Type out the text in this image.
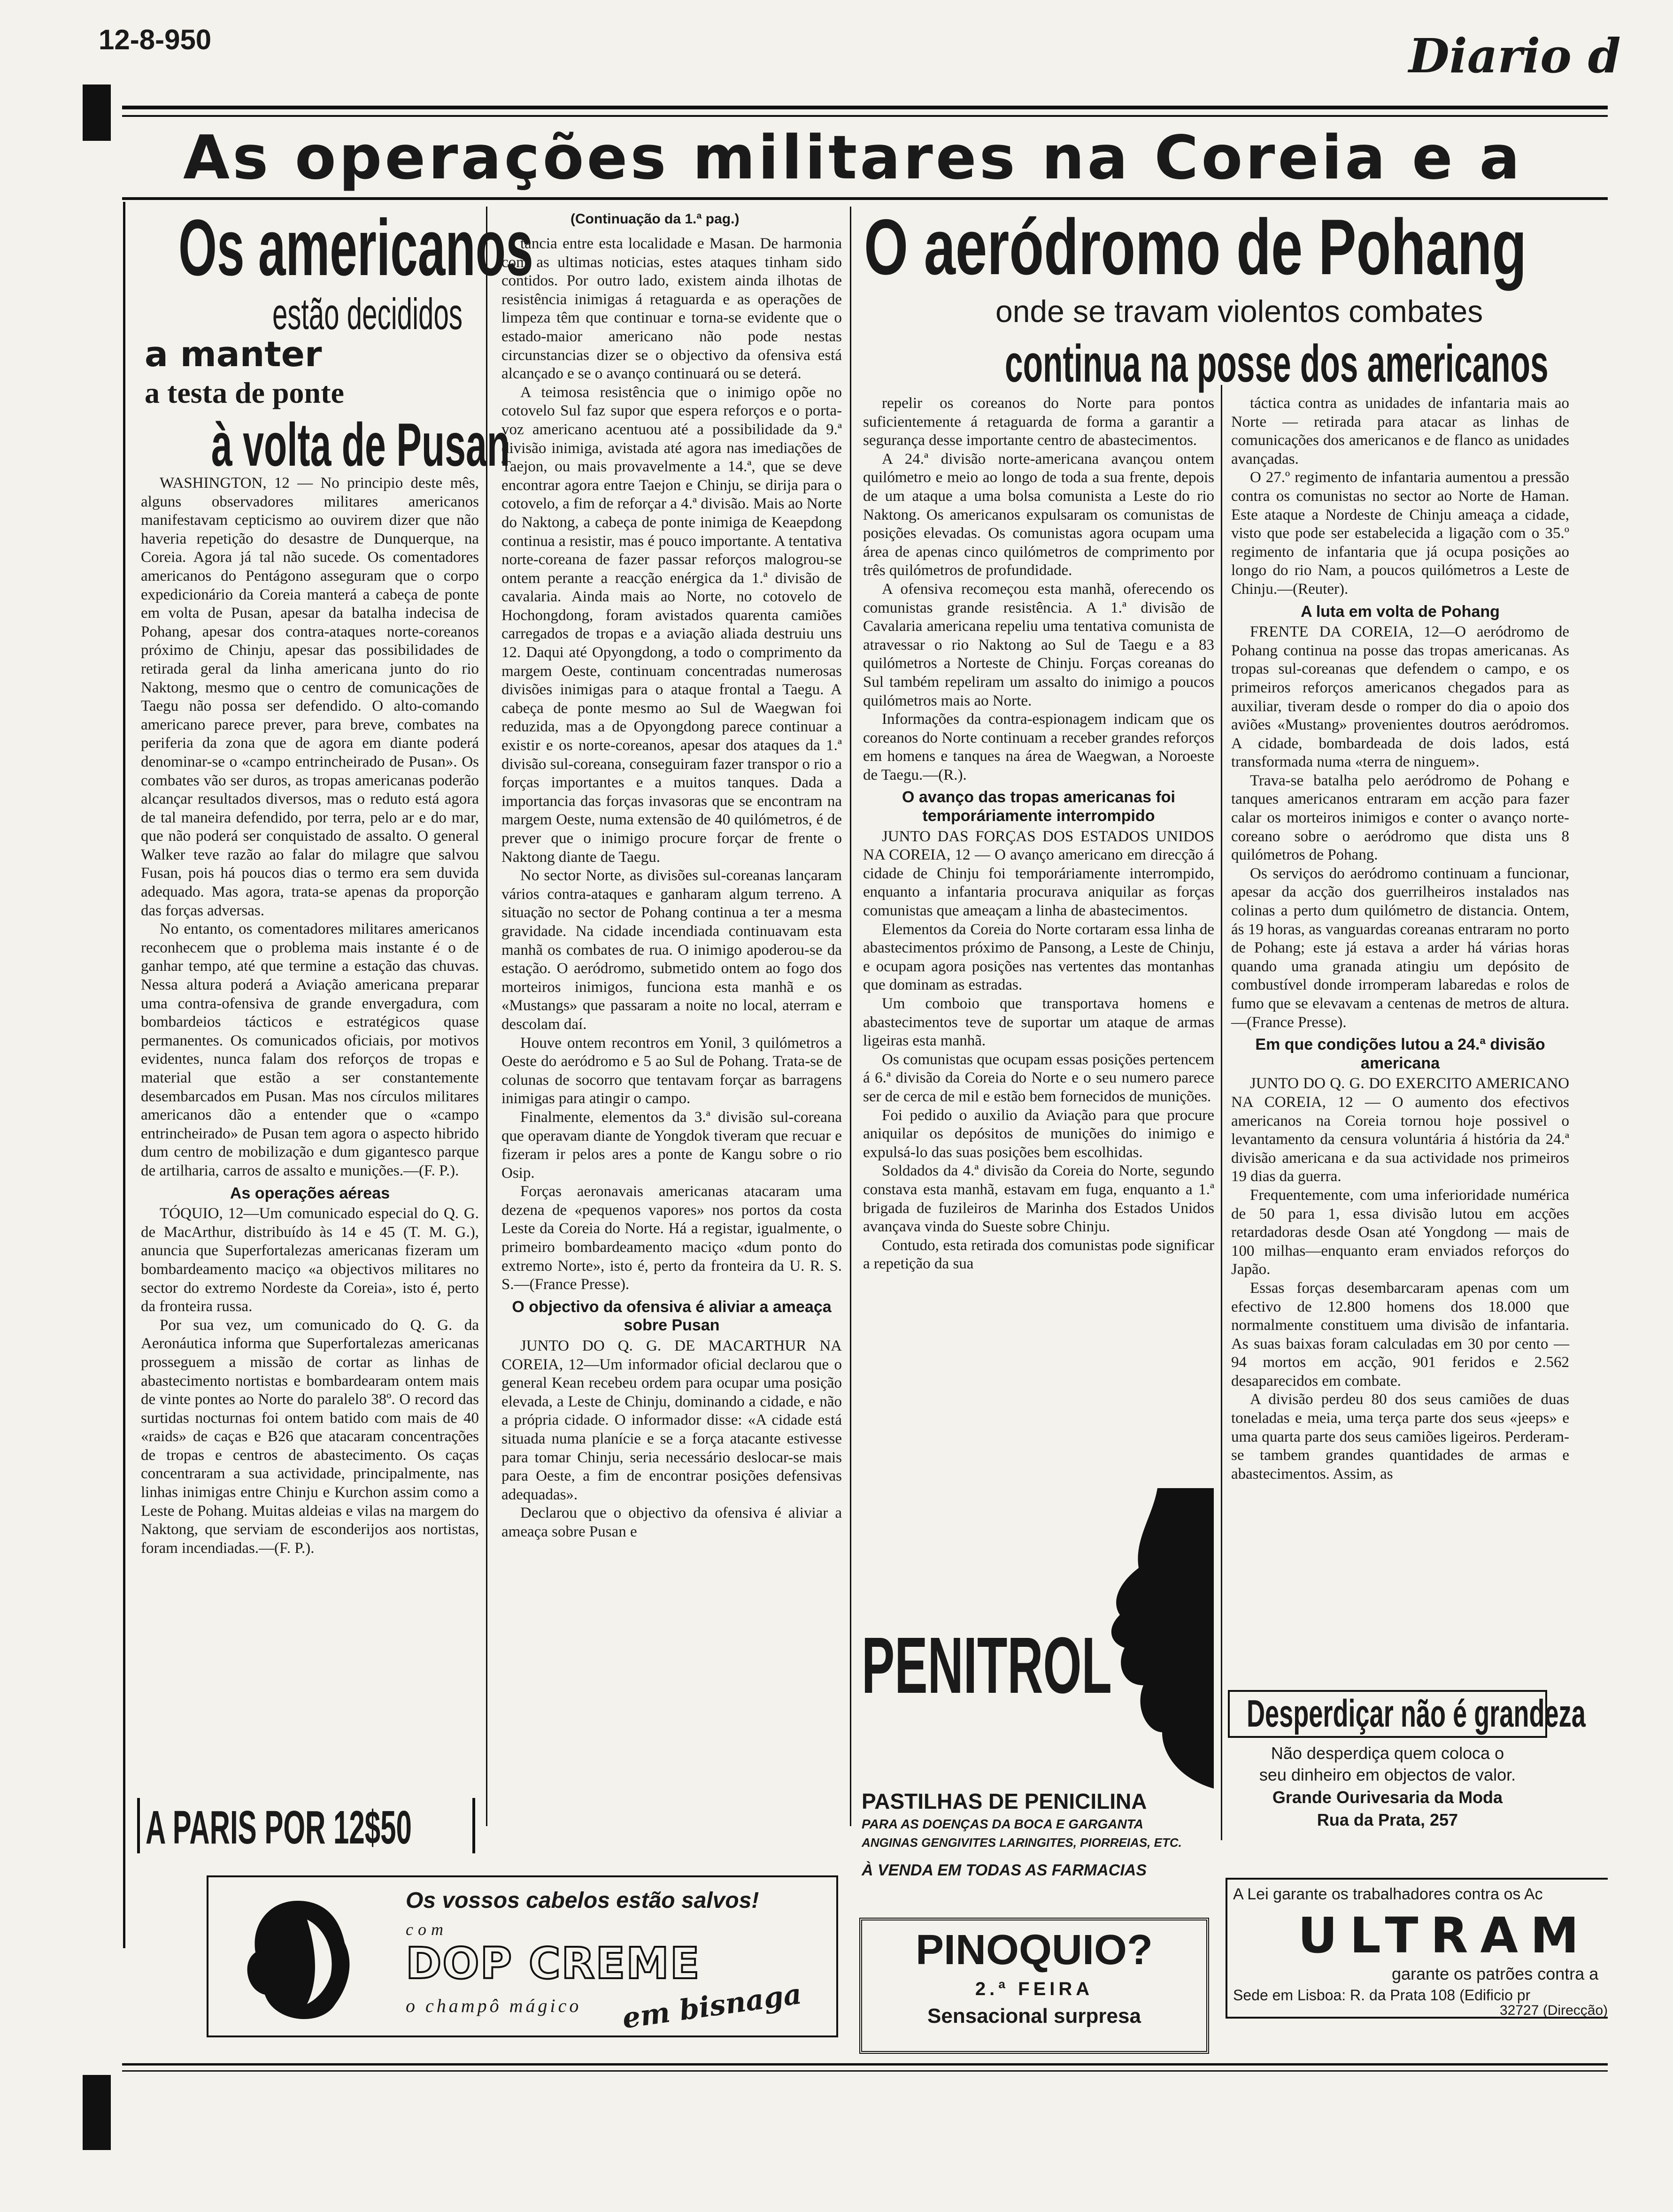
12-8-950	Diario d
As operações militares na Coreia e a
Os americanos
estão decididos
a manter
a testa de ponte
à volta de Pusan

WASHINGTON, 12 — No principio deste mês, alguns observadores militares americanos manifestavam cepticismo ao ouvirem dizer que não haveria repetição do desastre de Dunquerque, na Coreia. Agora já tal não sucede. Os comentadores americanos do Pentágono asseguram que o corpo expedicionário da Coreia manterá a cabeça de ponte em volta de Pusan, apesar da batalha indecisa de Pohang, apesar dos contra-ataques norte-coreanos próximo de Chinju, apesar das possibilidades de retirada geral da linha americana junto do rio Naktong, mesmo que o centro de comunicações de Taegu não possa ser defendido. O alto-comando americano parece prever, para breve, combates na periferia da zona que de agora em diante poderá denominar-se o «campo entrincheirado de Pusan». Os combates vão ser duros, as tropas americanas poderão alcançar resultados diversos, mas o reduto está agora de tal maneira defendido, por terra, pelo ar e do mar, que não poderá ser conquistado de assalto. O general Walker teve razão ao falar do milagre que salvou Fusan, pois há poucos dias o termo era sem duvida adequado. Mas agora, trata-se apenas da proporção das forças adversas.

No entanto, os comentadores militares americanos reconhecem que o problema mais instante é o de ganhar tempo, até que termine a estação das chuvas. Nessa altura poderá a Aviação americana preparar uma contra-ofensiva de grande envergadura, com bombardeios tácticos e estratégicos quase permanentes. Os comunicados oficiais, por motivos evidentes, nunca falam dos reforços de tropas e material que estão a ser constantemente desembarcados em Pusan. Mas nos círculos militares americanos dão a entender que o «campo entrincheirado» de Pusan tem agora o aspecto hibrido dum centro de mobilização e dum gigantesco parque de artilharia, carros de assalto e munições.—(F. P.).

As operações aéreas

TÓQUIO, 12—Um comunicado especial do Q. G. de MacArthur, distribuído às 14 e 45 (T. M. G.), anuncia que Superfortalezas americanas fizeram um bombardeamento maciço «a objectivos militares no sector do extremo Nordeste da Coreia», isto é, perto da fronteira russa.

Por sua vez, um comunicado do Q. G. da Aeronáutica informa que Superfortalezas americanas prosseguem a missão de cortar as linhas de abastecimento nortistas e bombardearam ontem mais de vinte pontes ao Norte do paralelo 38º. O record das surtidas nocturnas foi ontem batido com mais de 40 «raids» de caças e B26 que atacaram concentrações de tropas e centros de abastecimento. Os caças concentraram a sua actividade, principalmente, nas linhas inimigas entre Chinju e Kurchon assim como a Leste de Pohang. Muitas aldeias e vilas na margem do Naktong, que serviam de esconderijos aos nortistas, foram incendiadas.—(F. P.).

(Continuação da 1.ª pag.)

tancia entre esta localidade e Masan. De harmonia com as ultimas noticias, estes ataques tinham sido contidos. Por outro lado, existem ainda ilhotas de resistência inimigas á retaguarda e as operações de limpeza têm que continuar e torna-se evidente que o estado-maior americano não pode nestas circunstancias dizer se o objectivo da ofensiva está alcançado e se o avanço continuará ou se deterá.

A teimosa resistência que o inimigo opõe no cotovelo Sul faz supor que espera reforços e o porta-voz americano acentuou até a possibilidade da 9.ª divisão inimiga, avistada até agora nas imediações de Taejon, ou mais provavelmente a 14.ª, que se deve encontrar agora entre Taejon e Chinju, se dirija para o cotovelo, a fim de reforçar a 4.ª divisão. Mais ao Norte do Naktong, a cabeça de ponte inimiga de Keaepdong continua a resistir, mas é pouco importante. A tentativa norte-coreana de fazer passar reforços malogrou-se ontem perante a reacção enérgica da 1.ª divisão de cavalaria. Ainda mais ao Norte, no cotovelo de Hochongdong, foram avistados quarenta camiões carregados de tropas e a aviação aliada destruiu uns 12. Daqui até Opyongdong, a todo o comprimento da margem Oeste, continuam concentradas numerosas divisões inimigas para o ataque frontal a Taegu. A cabeça de ponte mesmo ao Sul de Waegwan foi reduzida, mas a de Opyongdong parece continuar a existir e os norte-coreanos, apesar dos ataques da 1.ª divisão sul-coreana, conseguiram fazer transpor o rio a forças importantes e a muitos tanques. Dada a importancia das forças invasoras que se encontram na margem Oeste, numa extensão de 40 quilómetros, é de prever que o inimigo procure forçar de frente o Naktong diante de Taegu.

No sector Norte, as divisões sul-coreanas lançaram vários contra-ataques e ganharam algum terreno. A situação no sector de Pohang continua a ter a mesma gravidade. Na cidade incendiada continuavam esta manhã os combates de rua. O inimigo apoderou-se da estação. O aeródromo, submetido ontem ao fogo dos morteiros inimigos, funciona esta manhã e os «Mustangs» que passaram a noite no local, aterram e descolam daí.

Houve ontem recontros em Yonil, 3 quilómetros a Oeste do aeródromo e 5 ao Sul de Pohang. Trata-se de colunas de socorro que tentavam forçar as barragens inimigas para atingir o campo.

Finalmente, elementos da 3.ª divisão sul-coreana que operavam diante de Yongdok tiveram que recuar e fizeram ir pelos ares a ponte de Kangu sobre o rio Osip.

Forças aeronavais americanas atacaram uma dezena de «pequenos vapores» nos portos da costa Leste da Coreia do Norte. Há a registar, igualmente, o primeiro bombardeamento maciço «dum ponto do extremo Norte», isto é, perto da fronteira da U. R. S. S.—(France Presse).

O objectivo da ofensiva é aliviar a ameaça sobre Pusan

JUNTO DO Q. G. DE MACARTHUR NA COREIA, 12—Um informador oficial declarou que o general Kean recebeu ordem para ocupar uma posição elevada, a Leste de Chinju, dominando a cidade, e não a própria cidade. O informador disse: «A cidade está situada numa planície e se a força atacante estivesse para tomar Chinju, seria necessário deslocar-se mais para Oeste, a fim de encontrar posições defensivas adequadas».

Declarou que o objectivo da ofensiva é aliviar a ameaça sobre Pusan e

O aeródromo de Pohang
onde se travam violentos combates
continua na posse dos americanos

repelir os coreanos do Norte para pontos suficientemente á retaguarda de forma a garantir a segurança desse importante centro de abastecimentos.

A 24.ª divisão norte-americana avançou ontem quilómetro e meio ao longo de toda a sua frente, depois de um ataque a uma bolsa comunista a Leste do rio Naktong. Os americanos expulsaram os comunistas de posições elevadas. Os comunistas agora ocupam uma área de apenas cinco quilómetros de comprimento por três quilómetros de profundidade.

A ofensiva recomeçou esta manhã, oferecendo os comunistas grande resistência. A 1.ª divisão de Cavalaria americana repeliu uma tentativa comunista de atravessar o rio Naktong ao Sul de Taegu e a 83 quilómetros a Norteste de Chinju. Forças coreanas do Sul também repeliram um assalto do inimigo a poucos quilómetros mais ao Norte.

Informações da contra-espionagem indicam que os coreanos do Norte continuam a receber grandes reforços em homens e tanques na área de Waegwan, a Noroeste de Taegu.—(R.).

O avanço das tropas americanas foi temporáriamente interrompido

JUNTO DAS FORÇAS DOS ESTADOS UNIDOS NA COREIA, 12 — O avanço americano em direcção á cidade de Chinju foi temporáriamente interrompido, enquanto a infantaria procurava aniquilar as forças comunistas que ameaçam a linha de abastecimentos.

Elementos da Coreia do Norte cortaram essa linha de abastecimentos próximo de Pansong, a Leste de Chinju, e ocupam agora posições nas vertentes das montanhas que dominam as estradas.

Um comboio que transportava homens e abastecimentos teve de suportar um ataque de armas ligeiras esta manhã.

Os comunistas que ocupam essas posições pertencem á 6.ª divisão da Coreia do Norte e o seu numero parece ser de cerca de mil e estão bem fornecidos de munições.

Foi pedido o auxilio da Aviação para que procure aniquilar os depósitos de munições do inimigo e expulsá-lo das suas posições bem escolhidas.

Soldados da 4.ª divisão da Coreia do Norte, segundo constava esta manhã, estavam em fuga, enquanto a 1.ª brigada de fuzileiros de Marinha dos Estados Unidos avançava vinda do Sueste sobre Chinju.

Contudo, esta retirada dos comunistas pode significar a repetição da sua

táctica contra as unidades de infantaria mais ao Norte — retirada para atacar as linhas de comunicações dos americanos e de flanco as unidades avançadas.

O 27.º regimento de infantaria aumentou a pressão contra os comunistas no sector ao Norte de Haman. Este ataque a Nordeste de Chinju ameaça a cidade, visto que pode ser estabelecida a ligação com o 35.º regimento de infantaria que já ocupa posições ao longo do rio Nam, a poucos quilómetros a Leste de Chinju.—(Reuter).

A luta em volta de Pohang

FRENTE DA COREIA, 12—O aeródromo de Pohang continua na posse das tropas americanas. As tropas sul-coreanas que defendem o campo, e os primeiros reforços americanos chegados para as auxiliar, tiveram desde o romper do dia o apoio dos aviões «Mustang» provenientes doutros aeródromos. A cidade, bombardeada de dois lados, está transformada numa «terra de ninguem».

Trava-se batalha pelo aeródromo de Pohang e tanques americanos entraram em acção para fazer calar os morteiros inimigos e conter o avanço norte-coreano sobre o aeródromo que dista uns 8 quilómetros de Pohang.

Os serviços do aeródromo continuam a funcionar, apesar da acção dos guerrilheiros instalados nas colinas a perto dum quilómetro de distancia. Ontem, ás 19 horas, as vanguardas coreanas entraram no porto de Pohang; este já estava a arder há várias horas quando uma granada atingiu um depósito de combustível donde irromperam labaredas e rolos de fumo que se elevavam a centenas de metros de altura.—(France Presse).

Em que condições lutou a 24.ª divisão americana

JUNTO DO Q. G. DO EXERCITO AMERICANO NA COREIA, 12 — O aumento dos efectivos americanos na Coreia tornou hoje possivel o levantamento da censura voluntária á história da 24.ª divisão americana e da sua actividade nos primeiros 19 dias da guerra.

Frequentemente, com uma inferioridade numérica de 50 para 1, essa divisão lutou em acções retardadoras desde Osan até Yongdong — mais de 100 milhas—enquanto eram enviados reforços do Japão.

Essas forças desembarcaram apenas com um efectivo de 12.800 homens dos 18.000 que normalmente constituem uma divisão de infantaria. As suas baixas foram calculadas em 30 por cento —94 mortos em acção, 901 feridos e 2.562 desaparecidos em combate.

A divisão perdeu 80 dos seus camiões de duas toneladas e meia, uma terça parte dos seus «jeeps» e uma quarta parte dos seus camiões ligeiros. Perderam-se tambem grandes quantidades de armas e abastecimentos. Assim, as

A PARIS POR 12$50
Os vossos cabelos estão salvos!
com
DOP CREME
o champô mágico em bisnaga
PENITROL
PASTILHAS DE PENICILINA
PARA AS DOENÇAS DA BOCA E GARGANTA
ANGINAS GENGIVITES LARINGITES, PIORREIAS, ETC.
À VENDA EM TODAS AS FARMACIAS
PINOQUIO?
2.ª FEIRA
Sensacional surpresa
Desperdiçar não é grandeza
Não desperdiça quem coloca o
seu dinheiro em objectos de valor.
Grande Ourivesaria da Moda
Rua da Prata, 257
A Lei garante os trabalhadores contra os Ac
ULTRAM
garante os patrões contra a
Sede em Lisboa: R. da Prata 108 (Edificio pr
32727 (Direcção)
